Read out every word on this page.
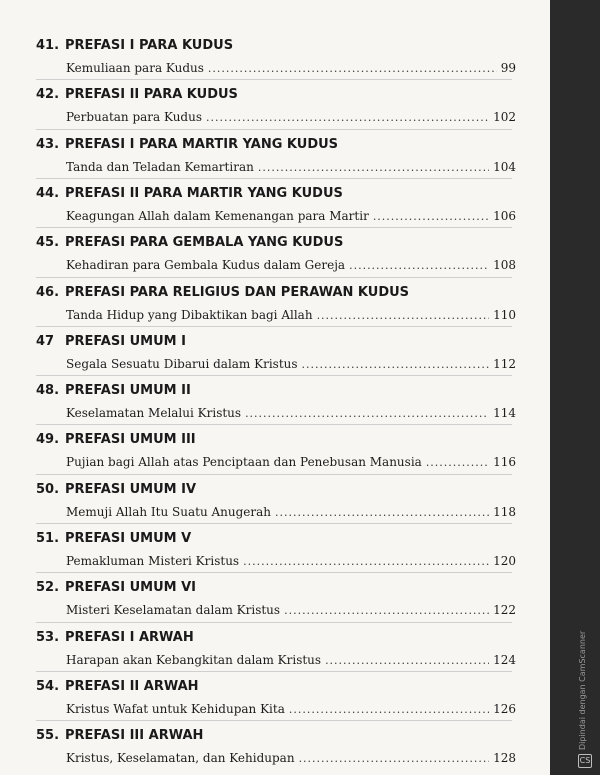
41. PREFASI I PARA KUDUS
Kemuliaan para Kudus .....	99
42. PREFASI II PARA KUDUS
Perbuatan para Kudus .....	102
43. PREFASI I PARA MARTIR YANG KUDUS
Tanda dan Teladan Kemartiran .....	104
44. PREFASI II PARA MARTIR YANG KUDUS
Keagungan Allah dalam Kemenangan para Martir .....	106
45. PREFASI PARA GEMBALA YANG KUDUS
Kehadiran para Gembala Kudus dalam Gereja .....	108
46. PREFASI PARA RELIGIUS DAN PERAWAN KUDUS
Tanda Hidup yang Dibaktikan bagi Allah .....	110
47 PREFASI UMUM I
Segala Sesuatu Dibarui dalam Kristus .....	112
48. PREFASI UMUM II
Keselamatan Melalui Kristus .....	114
49. PREFASI UMUM III
Pujian bagi Allah atas Penciptaan dan Penebusan Manusia .....	116
50. PREFASI UMUM IV
Memuji Allah Itu Suatu Anugerah .....	118
51. PREFASI UMUM V
Pemakluman Misteri Kristus .....	120
52. PREFASI UMUM VI
Misteri Keselamatan dalam Kristus .....	122
53. PREFASI I ARWAH
Harapan akan Kebangkitan dalam Kristus .....	124
54. PREFASI II ARWAH
Kristus Wafat untuk Kehidupan Kita .....	126
55. PREFASI III ARWAH
Kristus, Keselamatan, dan Kehidupan .....	128	CS
Dipindai dengan CamScanner
